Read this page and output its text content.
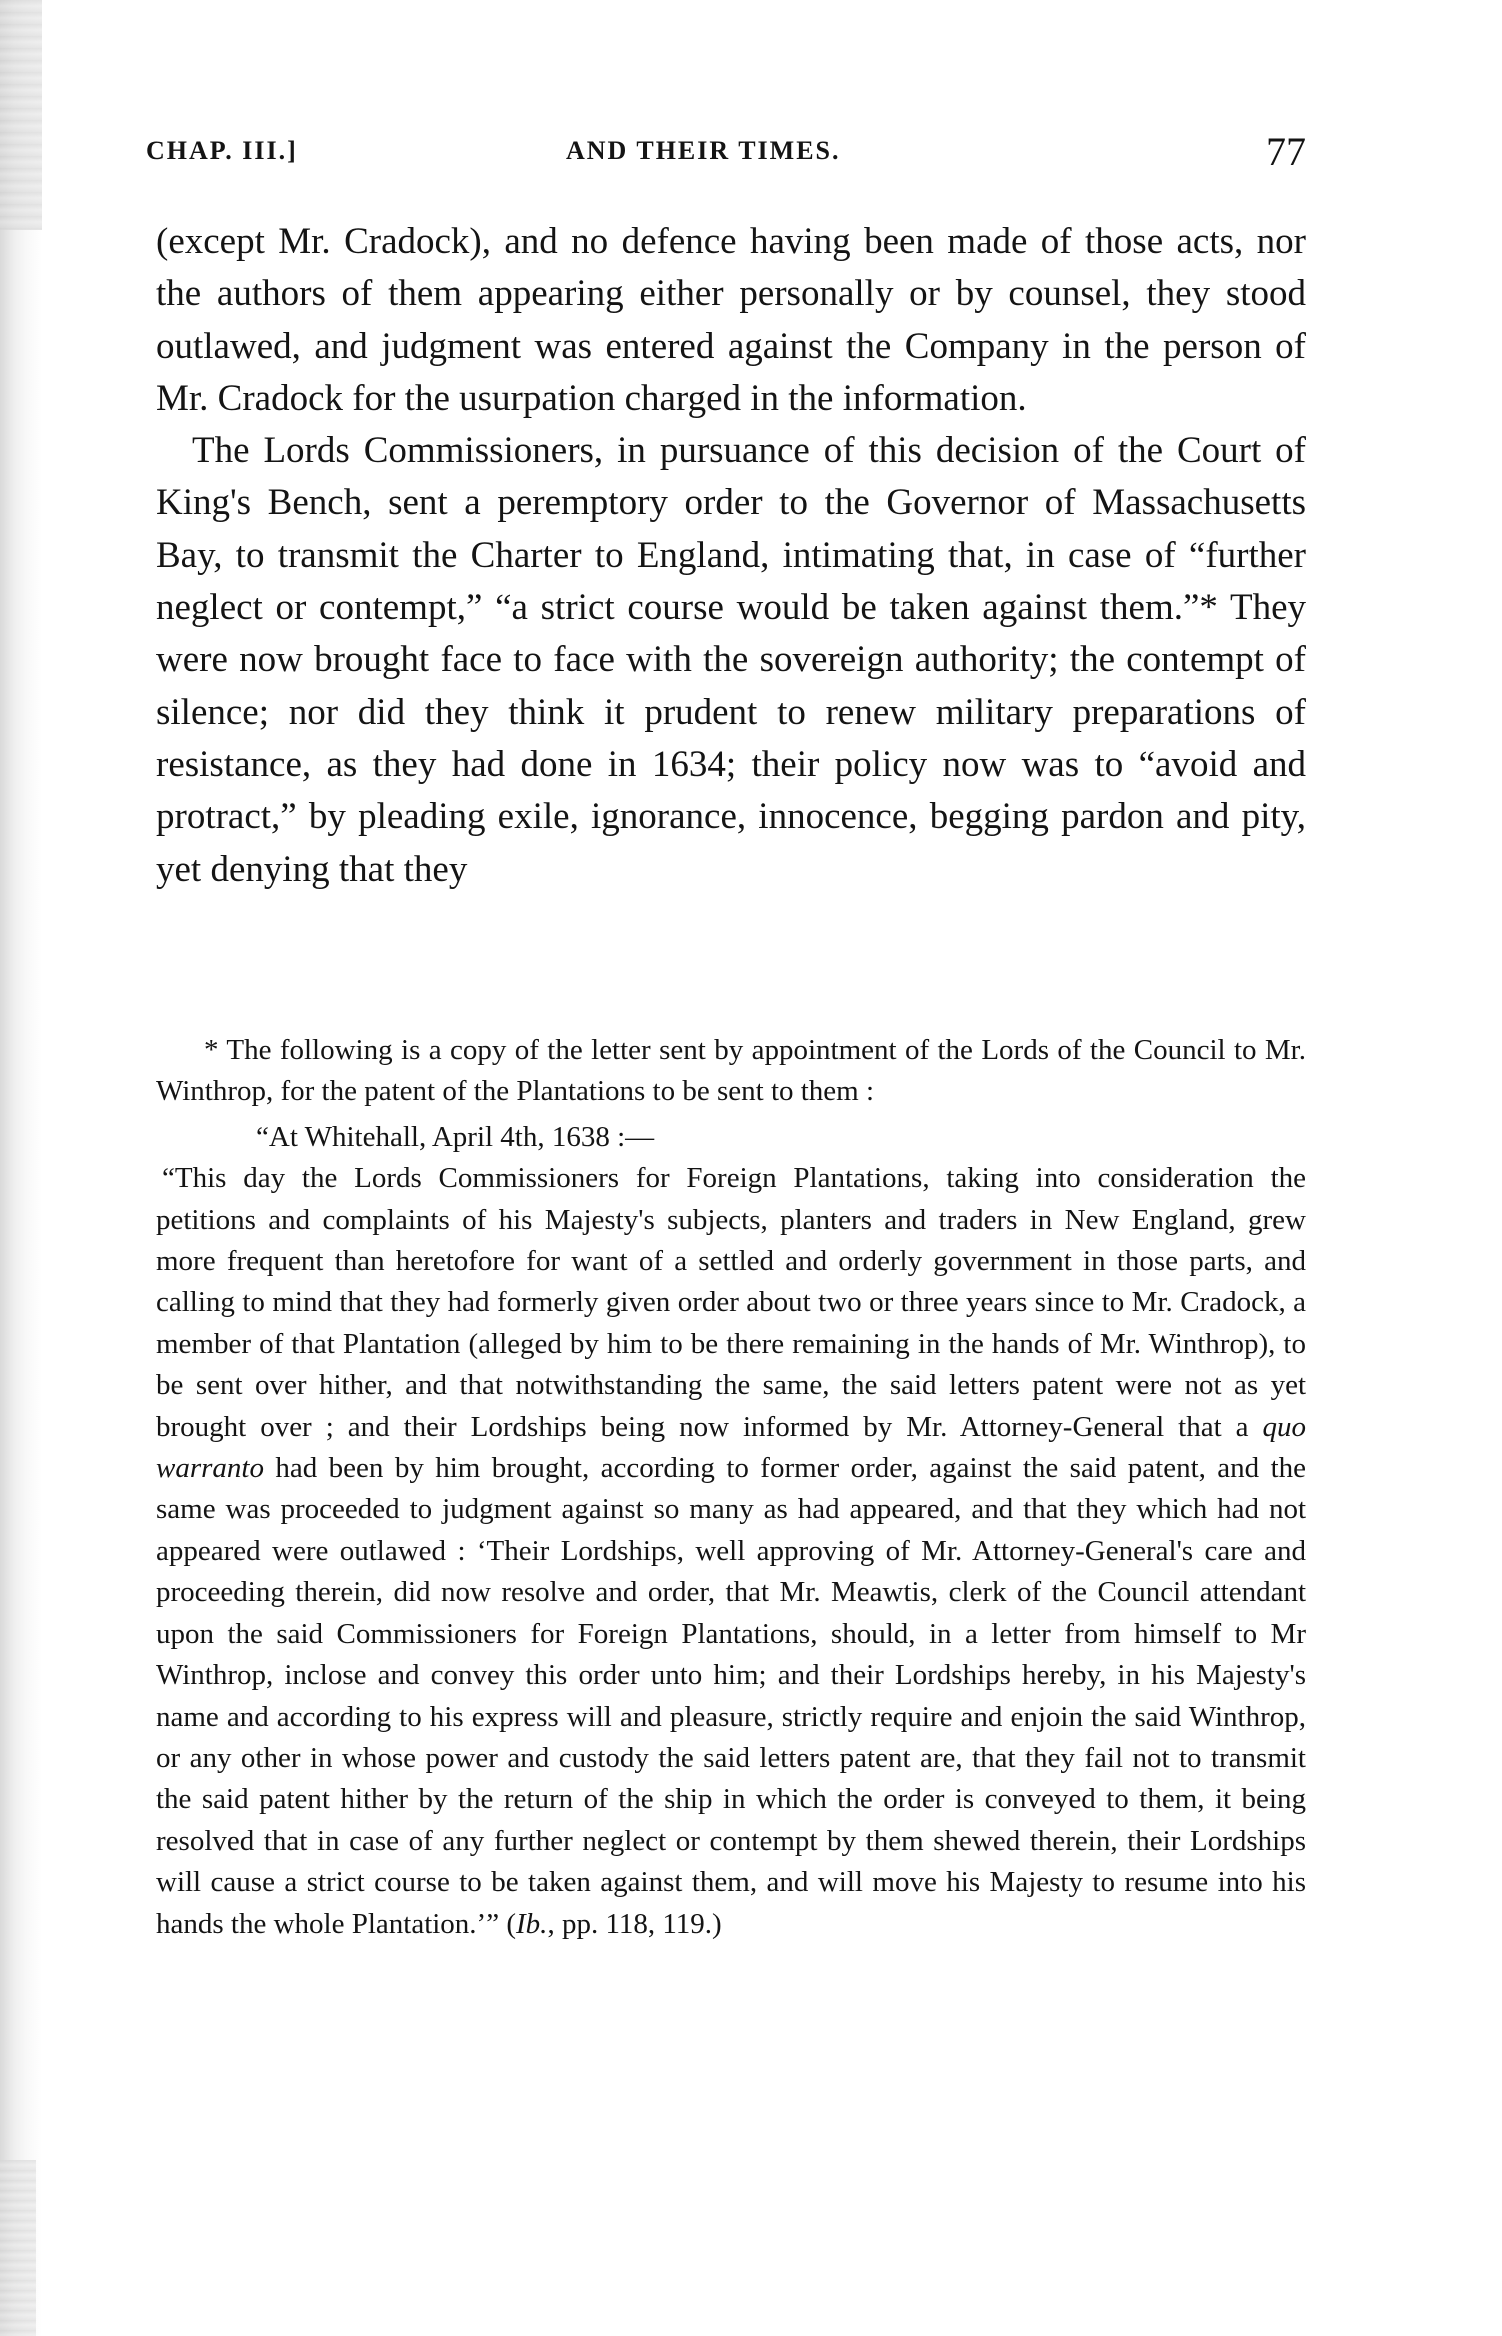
CHAP. III.]	AND THEIR TIMES.	77

(except Mr. Cradock), and no defence having been made of those acts, nor the authors of them appearing either personally or by counsel, they stood outlawed, and judgment was entered against the Company in the person of Mr. Cradock for the usurpation charged in the information.

The Lords Commissioners, in pursuance of this decision of the Court of King's Bench, sent a peremptory order to the Governor of Massachusetts Bay, to transmit the Charter to England, intimating that, in case of “further neglect or contempt,” “a strict course would be taken against them.”* They were now brought face to face with the sovereign authority; the contempt of silence; nor did they think it prudent to renew military preparations of resistance, as they had done in 1634; their policy now was to “avoid and protract,” by pleading exile, ignorance, innocence, begging pardon and pity, yet denying that they

* The following is a copy of the letter sent by appointment of the Lords of the Council to Mr. Winthrop, for the patent of the Plantations to be sent to them :

“At Whitehall, April 4th, 1638 :—

“This day the Lords Commissioners for Foreign Plantations, taking into consideration the petitions and complaints of his Majesty's subjects, planters and traders in New England, grew more frequent than heretofore for want of a settled and orderly government in those parts, and calling to mind that they had formerly given order about two or three years since to Mr. Cradock, a member of that Plantation (alleged by him to be there remaining in the hands of Mr. Winthrop), to be sent over hither, and that notwithstanding the same, the said letters patent were not as yet brought over ; and their Lordships being now informed by Mr. Attorney-General that a quo warranto had been by him brought, according to former order, against the said patent, and the same was proceeded to judgment against so many as had appeared, and that they which had not appeared were outlawed : ‘Their Lordships, well approving of Mr. Attorney-General's care and proceeding therein, did now resolve and order, that Mr. Meawtis, clerk of the Council attendant upon the said Commissioners for Foreign Plantations, should, in a letter from himself to Mr Winthrop, inclose and convey this order unto him; and their Lordships hereby, in his Majesty's name and according to his express will and pleasure, strictly require and enjoin the said Winthrop, or any other in whose power and custody the said letters patent are, that they fail not to transmit the said patent hither by the return of the ship in which the order is conveyed to them, it being resolved that in case of any further neglect or contempt by them shewed therein, their Lordships will cause a strict course to be taken against them, and will move his Majesty to resume into his hands the whole Plantation.’” (Ib., pp. 118, 119.)
